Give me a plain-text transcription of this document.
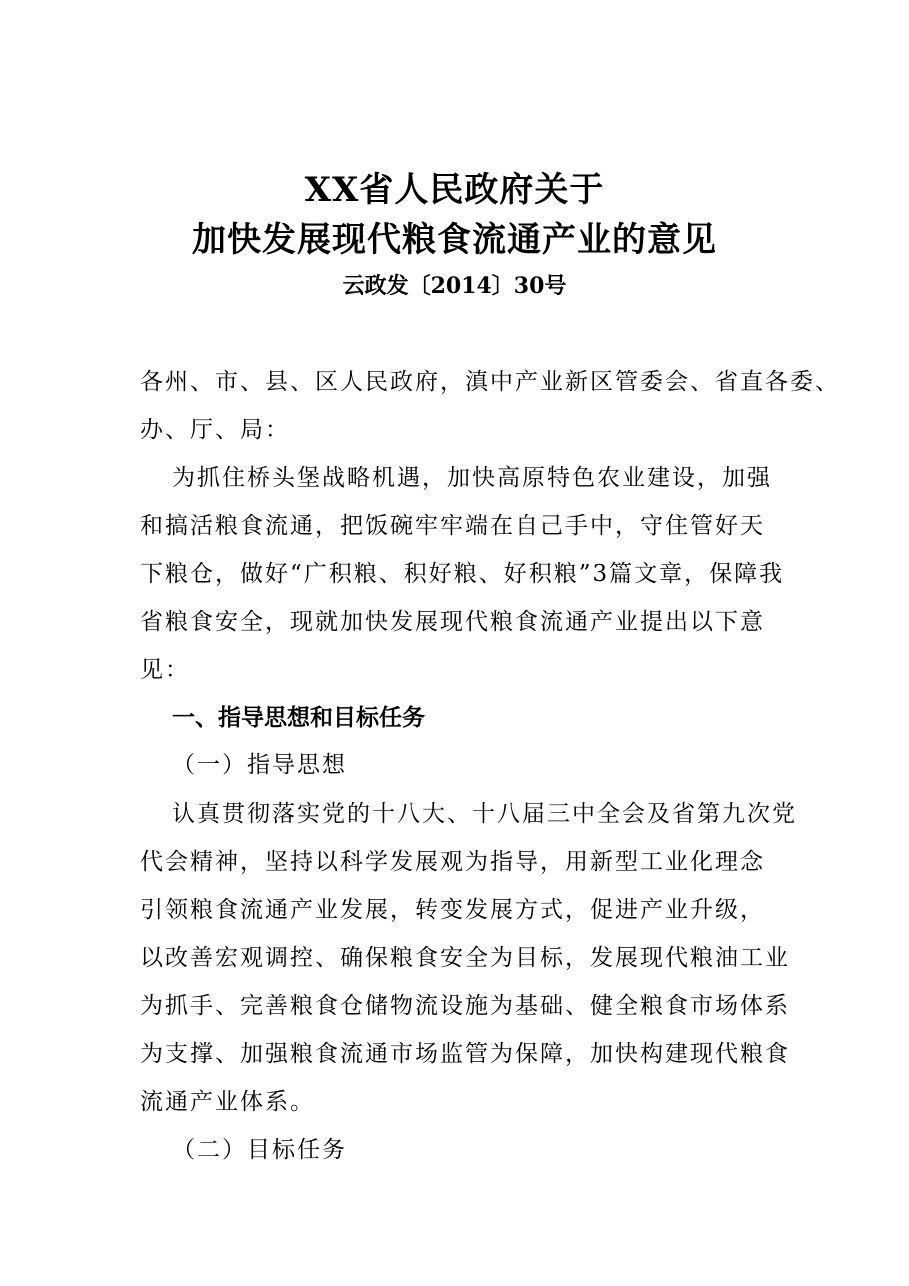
XX省人民政府关于
加快发展现代粮食流通产业的意见
云政发〔2014〕30号
各州、市、县、区人民政府，滇中产业新区管委会、省直各委、
办、厅、局：
为抓住桥头堡战略机遇，加快高原特色农业建设，加强
和搞活粮食流通，把饭碗牢牢端在自己手中，守住管好天
下粮仓，做好“广积粮、积好粮、好积粮”3篇文章，保障我
省粮食安全，现就加快发展现代粮食流通产业提出以下意
见：
一、指导思想和目标任务
（一）指导思想
认真贯彻落实党的十八大、十八届三中全会及省第九次党
代会精神，坚持以科学发展观为指导，用新型工业化理念
引领粮食流通产业发展，转变发展方式，促进产业升级，
以改善宏观调控、确保粮食安全为目标，发展现代粮油工业
为抓手、完善粮食仓储物流设施为基础、健全粮食市场体系
为支撑、加强粮食流通市场监管为保障，加快构建现代粮食
流通产业体系。
（二）目标任务
